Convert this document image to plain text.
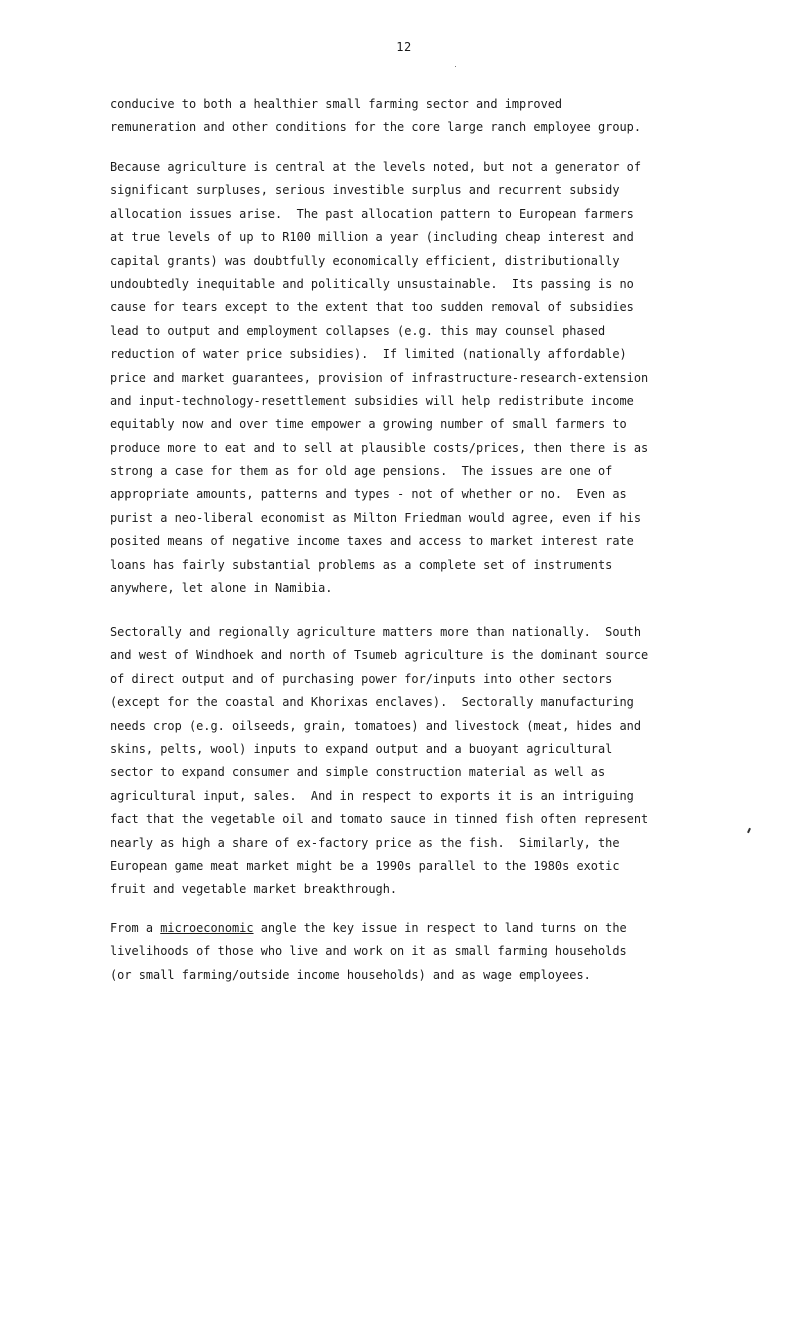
12
conducive to both a healthier small farming sector and improved
remuneration and other conditions for the core large ranch employee group.
Because agriculture is central at the levels noted, but not a generator of
significant surpluses, serious investible surplus and recurrent subsidy
allocation issues arise.  The past allocation pattern to European farmers
at true levels of up to R100 million a year (including cheap interest and
capital grants) was doubtfully economically efficient, distributionally
undoubtedly inequitable and politically unsustainable.  Its passing is no
cause for tears except to the extent that too sudden removal of subsidies
lead to output and employment collapses (e.g. this may counsel phased
reduction of water price subsidies).  If limited (nationally affordable)
price and market guarantees, provision of infrastructure-research-extension
and input-technology-resettlement subsidies will help redistribute income
equitably now and over time empower a growing number of small farmers to
produce more to eat and to sell at plausible costs/prices, then there is as
strong a case for them as for old age pensions.  The issues are one of
appropriate amounts, patterns and types - not of whether or no.  Even as
purist a neo-liberal economist as Milton Friedman would agree, even if his
posited means of negative income taxes and access to market interest rate
loans has fairly substantial problems as a complete set of instruments
anywhere, let alone in Namibia.
Sectorally and regionally agriculture matters more than nationally.  South
and west of Windhoek and north of Tsumeb agriculture is the dominant source
of direct output and of purchasing power for/inputs into other sectors
(except for the coastal and Khorixas enclaves).  Sectorally manufacturing
needs crop (e.g. oilseeds, grain, tomatoes) and livestock (meat, hides and
skins, pelts, wool) inputs to expand output and a buoyant agricultural
sector to expand consumer and simple construction material as well as
agricultural input, sales.  And in respect to exports it is an intriguing
fact that the vegetable oil and tomato sauce in tinned fish often represent
nearly as high a share of ex-factory price as the fish.  Similarly, the
European game meat market might be a 1990s parallel to the 1980s exotic
fruit and vegetable market breakthrough.
From a microeconomic angle the key issue in respect to land turns on the
livelihoods of those who live and work on it as small farming households
(or small farming/outside income households) and as wage employees.
